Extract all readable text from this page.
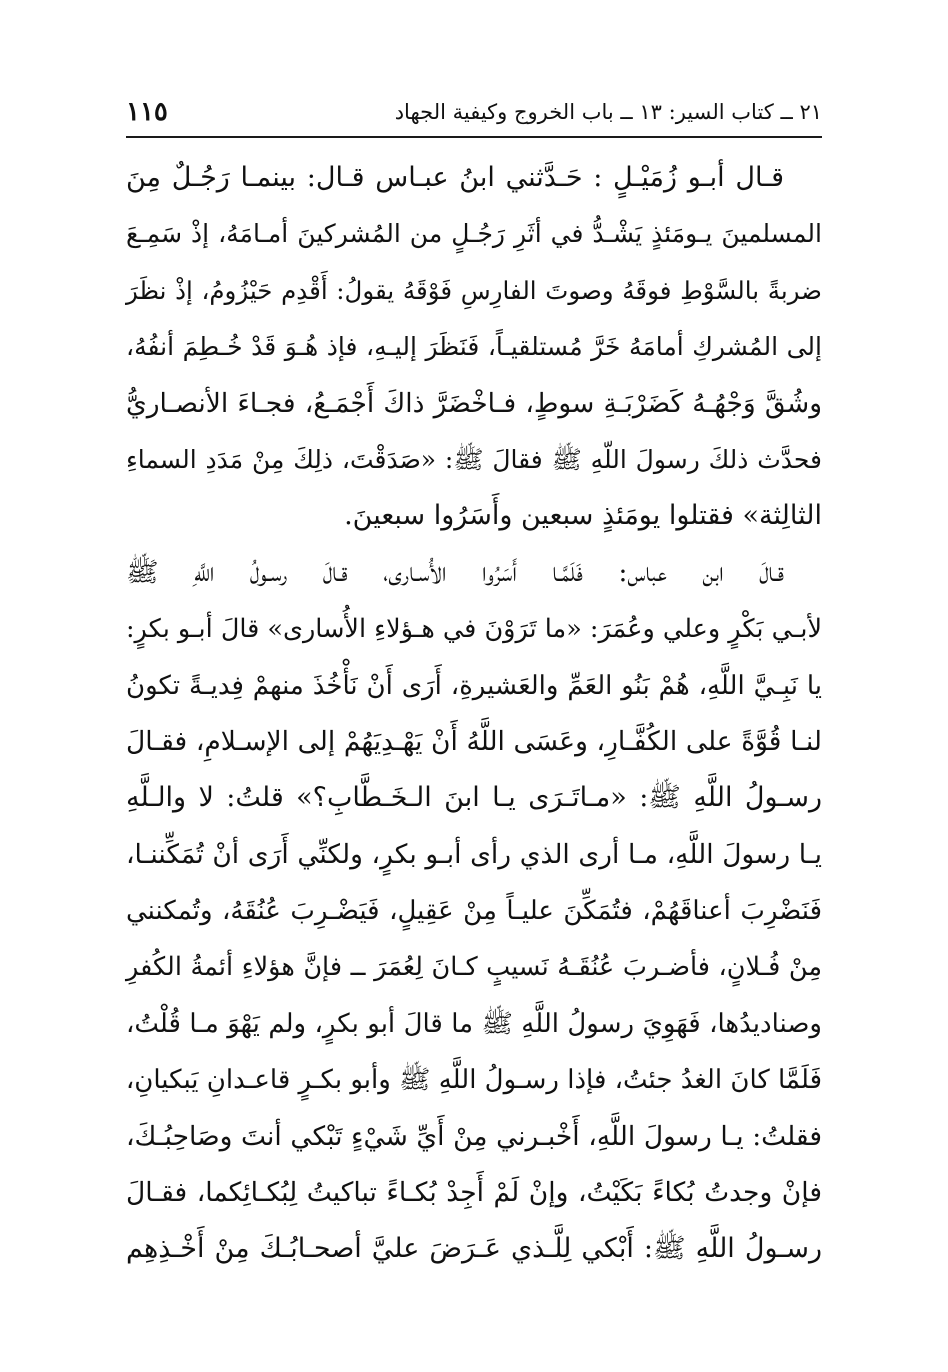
٢١ ــ كتاب السير: ١٣ ــ باب الخروج وكيفية الجهاد
١١٥
قـال أبـو زُمَيْـلٍ : حَـدَّثني ابنُ عبـاس قـال: بينمـا رَجُـلٌ مِنَ
المسلمينَ يـومَئذٍ يَشْـدُّ في أثَرِ رَجُـلٍ من المُشركينَ أمـامَهُ، إذْ سَمِـعَ
ضربةً بالسَّوْطِ فوقَهُ وصوتَ الفارِسِ فَوْقَهُ يقولُ: أَقْدِم حَيْزُومُ، إذْ نظَرَ
إلى المُشركِ أمامَهُ خَرَّ مُستلقيـاً، فَنَظَرَ إليـهِ، فإذ هُـوَ قَدْ خُـطِمَ أنفُهُ،
وشُقَّ وَجْهُـهُ كَضَرْبَـةِ سوطٍ، فـاخْضَرَّ ذاكَ أَجْمَـعُ، فجـاءَ الأنصـاريُّ
فحدَّث ذلكَ رسولَ اللّهِ ﷺ فقالَ ﷺ: «صَدَقْتَ، ذلِكَ مِنْ مَدَدِ السماءِ
الثالِثة» فقتلوا يومَئذٍ سبعين وأَسَرُوا سبعينَ.
قـالَ ابن عباس: فَلَمَّـا أَسَرُوا الأُسـارى، قـالَ رسـولُ اللَّهِ ﷺ
لأبـي بَكْرٍ وعلي وعُمَرَ: «ما تَرَوْنَ في هـؤلاءِ الأُسارى» قالَ أبـو بكرٍ:
يا نَبِـيَّ اللَّهِ، هُمْ بَنُو العَمِّ والعَشيرةِ، أَرَى أَنْ نَأْخُذَ منهمْ فِديـةً تكونُ
لنـا قُوَّةً على الكُفَّـارِ، وعَسَى اللَّهُ أَنْ يَهْـدِيَهُمْ إلى الإسـلامِ، فقـالَ
رسـولُ اللَّهِ ﷺ: «مـاتَـرَى يـا ابنَ الـخَـطَّابِ؟» قلتُ: لا والـلَّهِ
يـا رسولَ اللَّهِ، مـا أرى الذي رأى أبـو بكرٍ، ولكنِّي أَرَى أنْ تُمَكِّننـا،
فَنَضْرِبَ أعناقَهُمْ، فتُمَكِّنَ عليـاً مِنْ عَقِيلٍ، فَيَضْـرِبَ عُنُقَهُ، وتُمكنني
مِنْ فُـلانٍ، فأضـربَ عُنُقَـهُ نَسيبٍ كـانَ لِعُمَرَ ــ فإنَّ هؤلاءِ أئمةُ الكُفرِ
وصناديدُها، فَهَوِيَ رسولُ اللَّهِ ﷺ ما قالَ أبو بكرٍ، ولم يَهْوَ مـا قُلْتُ،
فَلَمَّا كانَ الغدُ جئتُ، فإذا رسـولُ اللَّهِ ﷺ وأبو بكـرٍ قاعـدانِ يَبكيانِ،
فقلتُ: يـا رسولَ اللَّهِ، أَخْبـرني مِنْ أَيِّ شَيْءٍ تَبْكي أنتَ وصَاحِبُـكَ،
فإنْ وجدتُ بُكاءً بَكَيْتُ، وإنْ لَمْ أَجِدْ بُكـاءً تباكيتُ لِبُكـائِكما، فقـالَ
رسـولُ اللَّهِ ﷺ: أَبْكي لِلَّـذي عَـرَضَ عليَّ أصحـابُـكَ مِنْ أَخْـذِهِم
